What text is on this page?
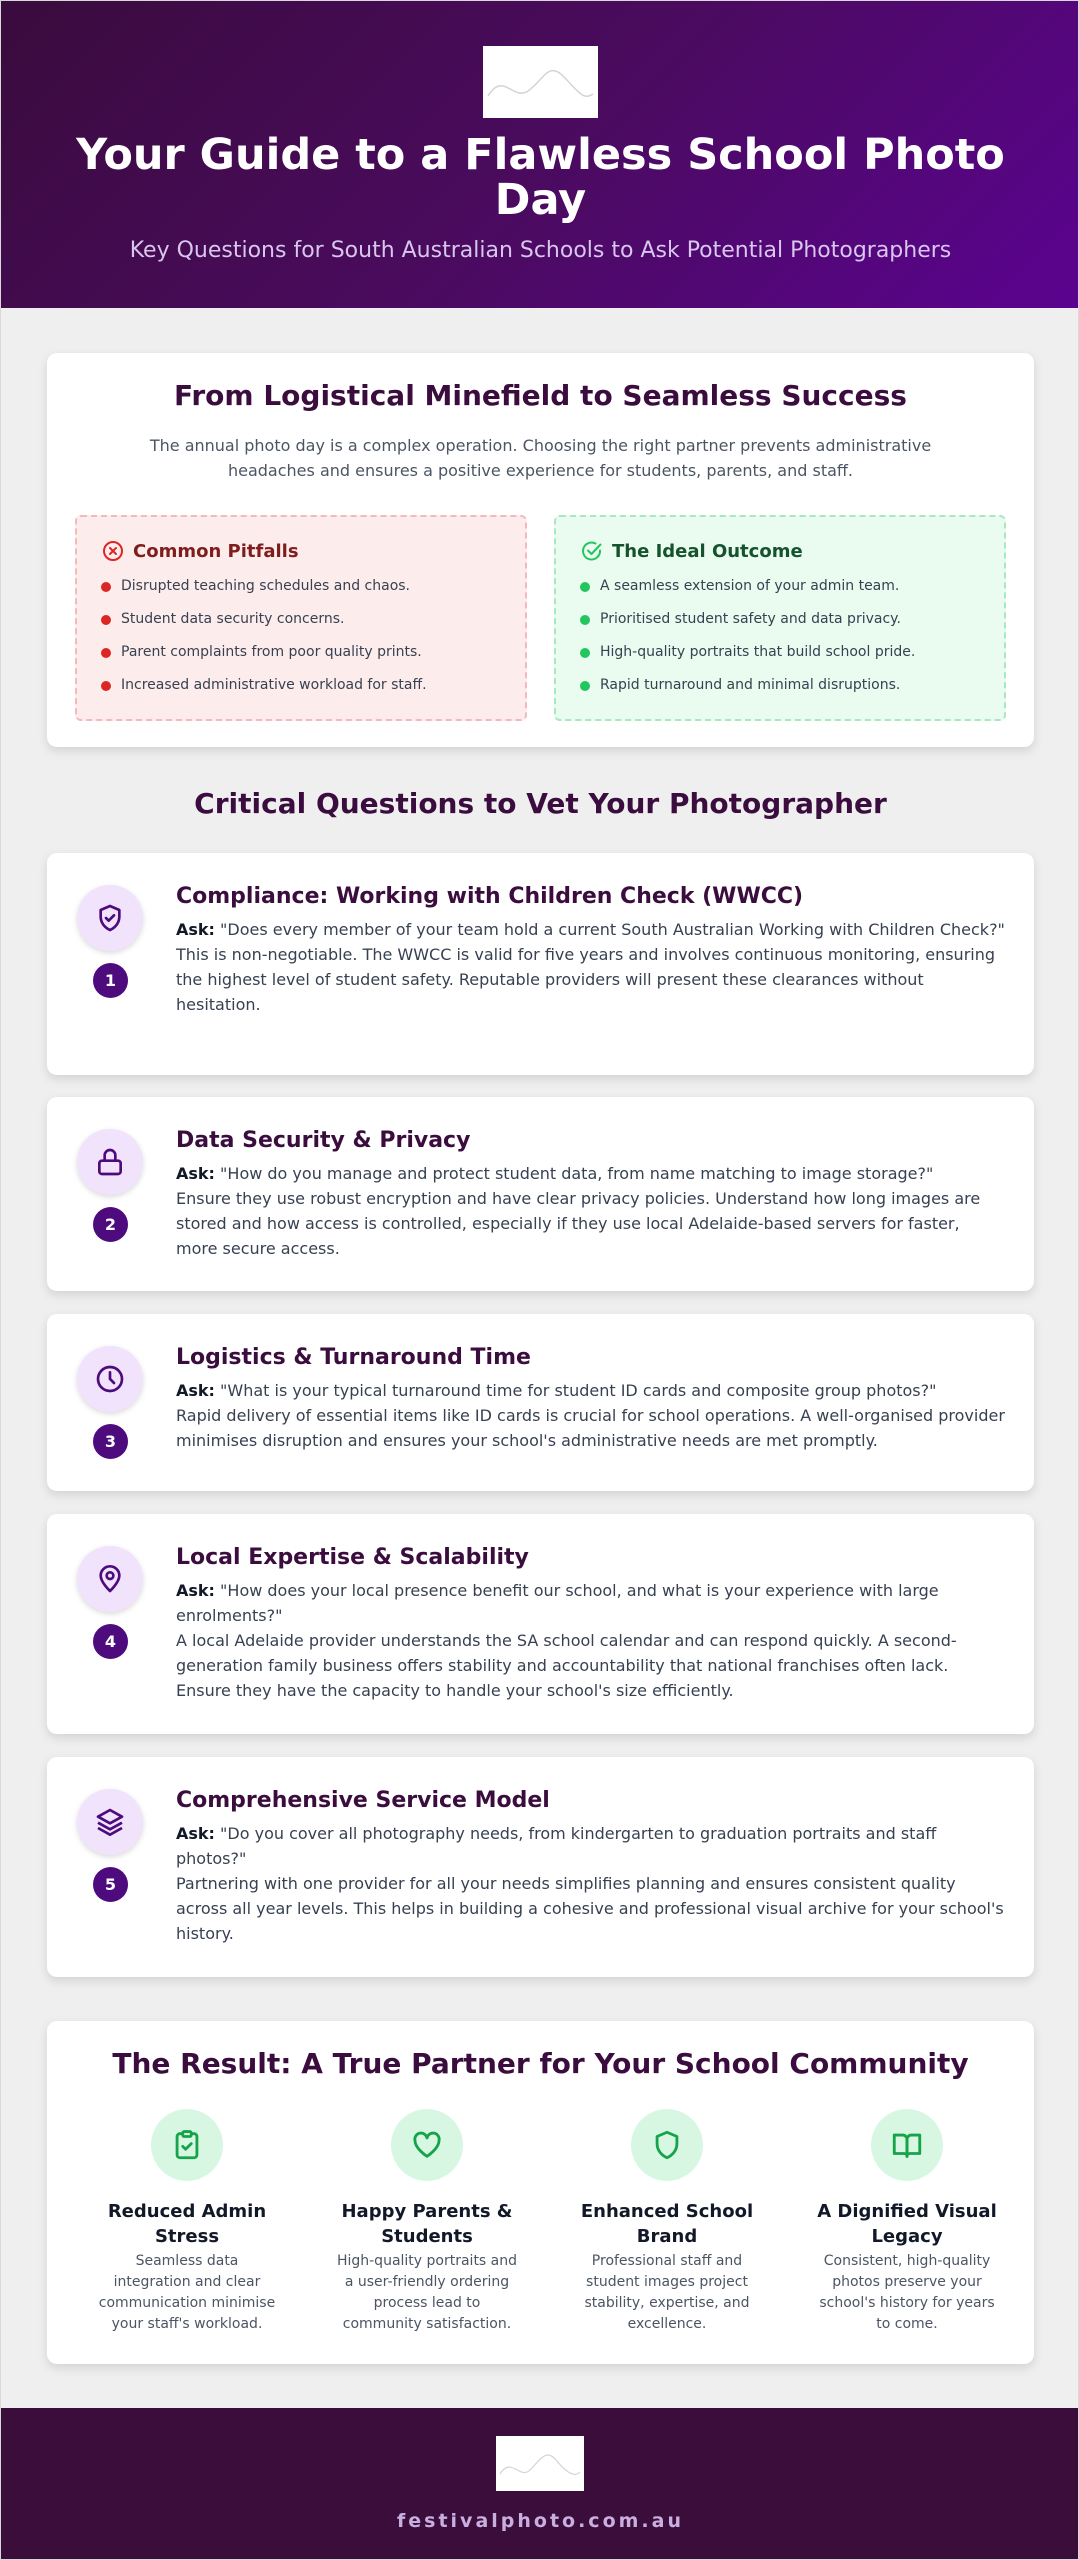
Your Guide to a Flawless School Photo Day

Key Questions for South Australian Schools to Ask Potential Photographers

From Logistical Minefield to Seamless Success

The annual photo day is a complex operation. Choosing the right partner prevents administrative headaches and ensures a positive experience for students, parents, and staff.

Common Pitfalls
Disrupted teaching schedules and chaos.
Student data security concerns.
Parent complaints from poor quality prints.
Increased administrative workload for staff.
The Ideal Outcome
A seamless extension of your admin team.
Prioritised student safety and data privacy.
High-quality portraits that build school pride.
Rapid turnaround and minimal disruptions.
Critical Questions to Vet Your Photographer
1
Compliance: Working with Children Check (WWCC)

Ask: "Does every member of your team hold a current South Australian Working with Children Check?"
This is non-negotiable. The WWCC is valid for five years and involves continuous monitoring, ensuring the highest level of student safety. Reputable providers will present these clearances without hesitation.

2
Data Security & Privacy

Ask: "How do you manage and protect student data, from name matching to image storage?"
Ensure they use robust encryption and have clear privacy policies. Understand how long images are stored and how access is controlled, especially if they use local Adelaide-based servers for faster, more secure access.

3
Logistics & Turnaround Time

Ask: "What is your typical turnaround time for student ID cards and composite group photos?"
Rapid delivery of essential items like ID cards is crucial for school operations. A well-organised provider minimises disruption and ensures your school's administrative needs are met promptly.

4
Local Expertise & Scalability

Ask: "How does your local presence benefit our school, and what is your experience with large enrolments?"
A local Adelaide provider understands the SA school calendar and can respond quickly. A second-generation family business offers stability and accountability that national franchises often lack. Ensure they have the capacity to handle your school's size efficiently.

5
Comprehensive Service Model

Ask: "Do you cover all photography needs, from kindergarten to graduation portraits and staff photos?"
Partnering with one provider for all your needs simplifies planning and ensures consistent quality across all year levels. This helps in building a cohesive and professional visual archive for your school's history.

The Result: A True Partner for Your School Community
Reduced Admin Stress
Seamless data integration and clear communication minimise your staff's workload.
Happy Parents & Students
High-quality portraits and a user-friendly ordering process lead to community satisfaction.
Enhanced School Brand
Professional staff and student images project stability, expertise, and excellence.
A Dignified Visual Legacy
Consistent, high-quality photos preserve your school's history for years to come.
festivalphoto.com.au
